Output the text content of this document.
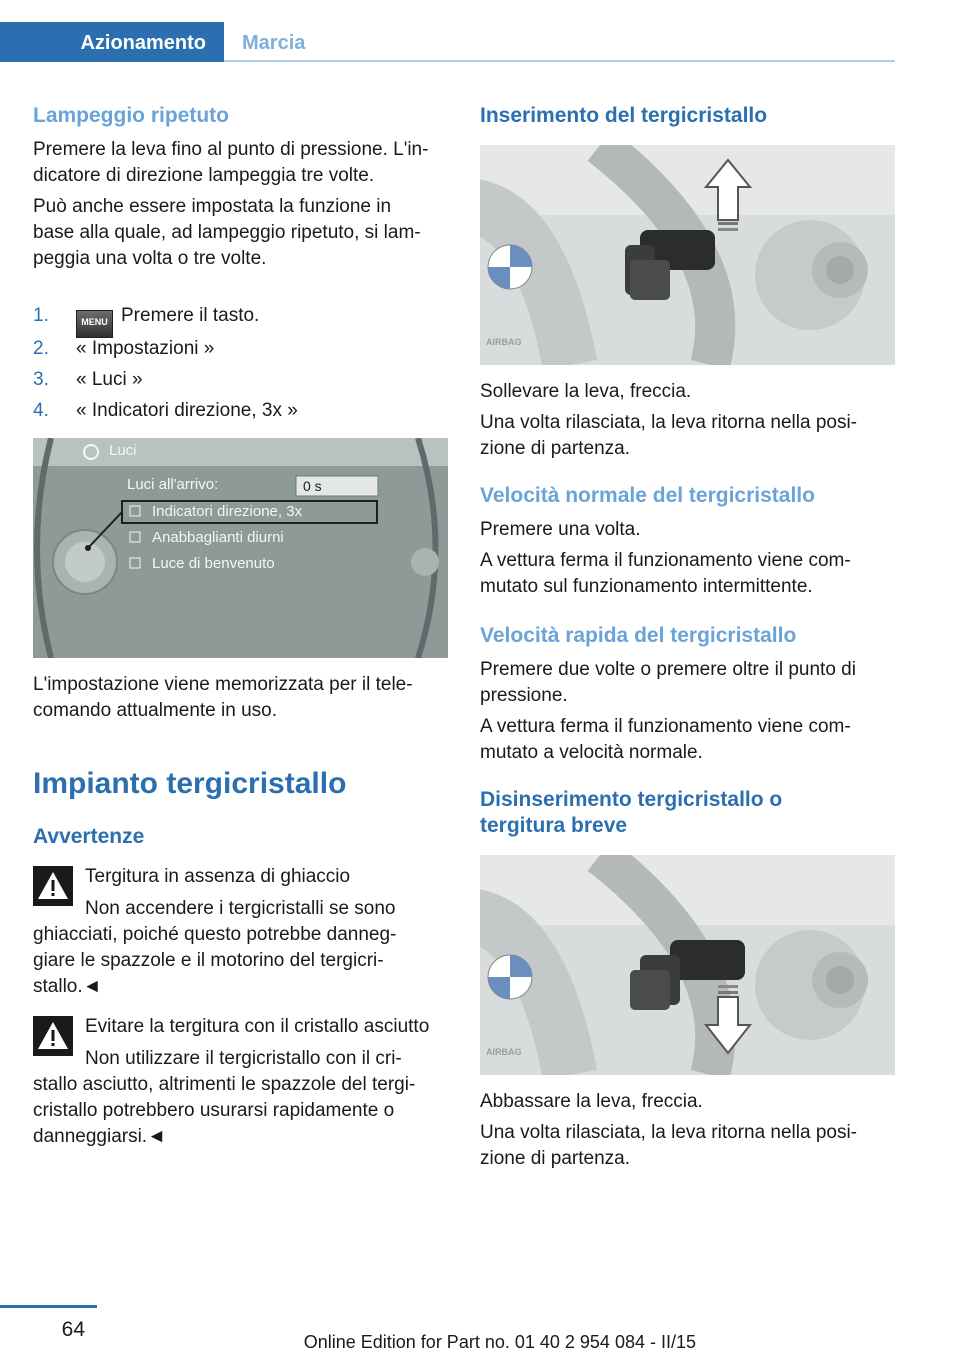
Azionamento Marcia
Lampeggio ripetuto
Premere la leva fino al punto di pressione. L'in‐
dicatore di direzione lampeggia tre volte.
Può anche essere impostata la funzione in
base alla quale, ad lampeggio ripetuto, si lam‐
peggia una volta o tre volte.
1.	MENU Premere il tasto.
2. « Impostazioni »
3. « Luci »
4. « Indicatori direzione, 3x »
Luci
Luci all'arrivo:	0 s
Indicatori direzione, 3x
Anabbaglianti diurni
Luce di benvenuto
L'impostazione viene memorizzata per il tele‐
comando attualmente in uso.
Impianto tergicristallo
Avvertenze
Tergitura in assenza di ghiaccio
Non accendere i tergicristalli se sono
ghiacciati, poiché questo potrebbe danneg‐
giare le spazzole e il motorino del tergicri‐
stallo.◄
Evitare la tergitura con il cristallo asciutto
Non utilizzare il tergicristallo con il cri‐
stallo asciutto, altrimenti le spazzole del tergi‐
cristallo potrebbero usurarsi rapidamente o
danneggiarsi.◄
Inserimento del tergicristallo
AIRBAG
Sollevare la leva, freccia.
Una volta rilasciata, la leva ritorna nella posi‐
zione di partenza.
Velocità normale del tergicristallo
Premere una volta.
A vettura ferma il funzionamento viene com‐
mutato sul funzionamento intermittente.
Velocità rapida del tergicristallo
Premere due volte o premere oltre il punto di
pressione.
A vettura ferma il funzionamento viene com‐
mutato a velocità normale.
Disinserimento tergicristallo o
tergitura breve
AIRBAG
Abbassare la leva, freccia.
Una volta rilasciata, la leva ritorna nella posi‐
zione di partenza.
64
Online Edition for Part no. 01 40 2 954 084 - II/15
